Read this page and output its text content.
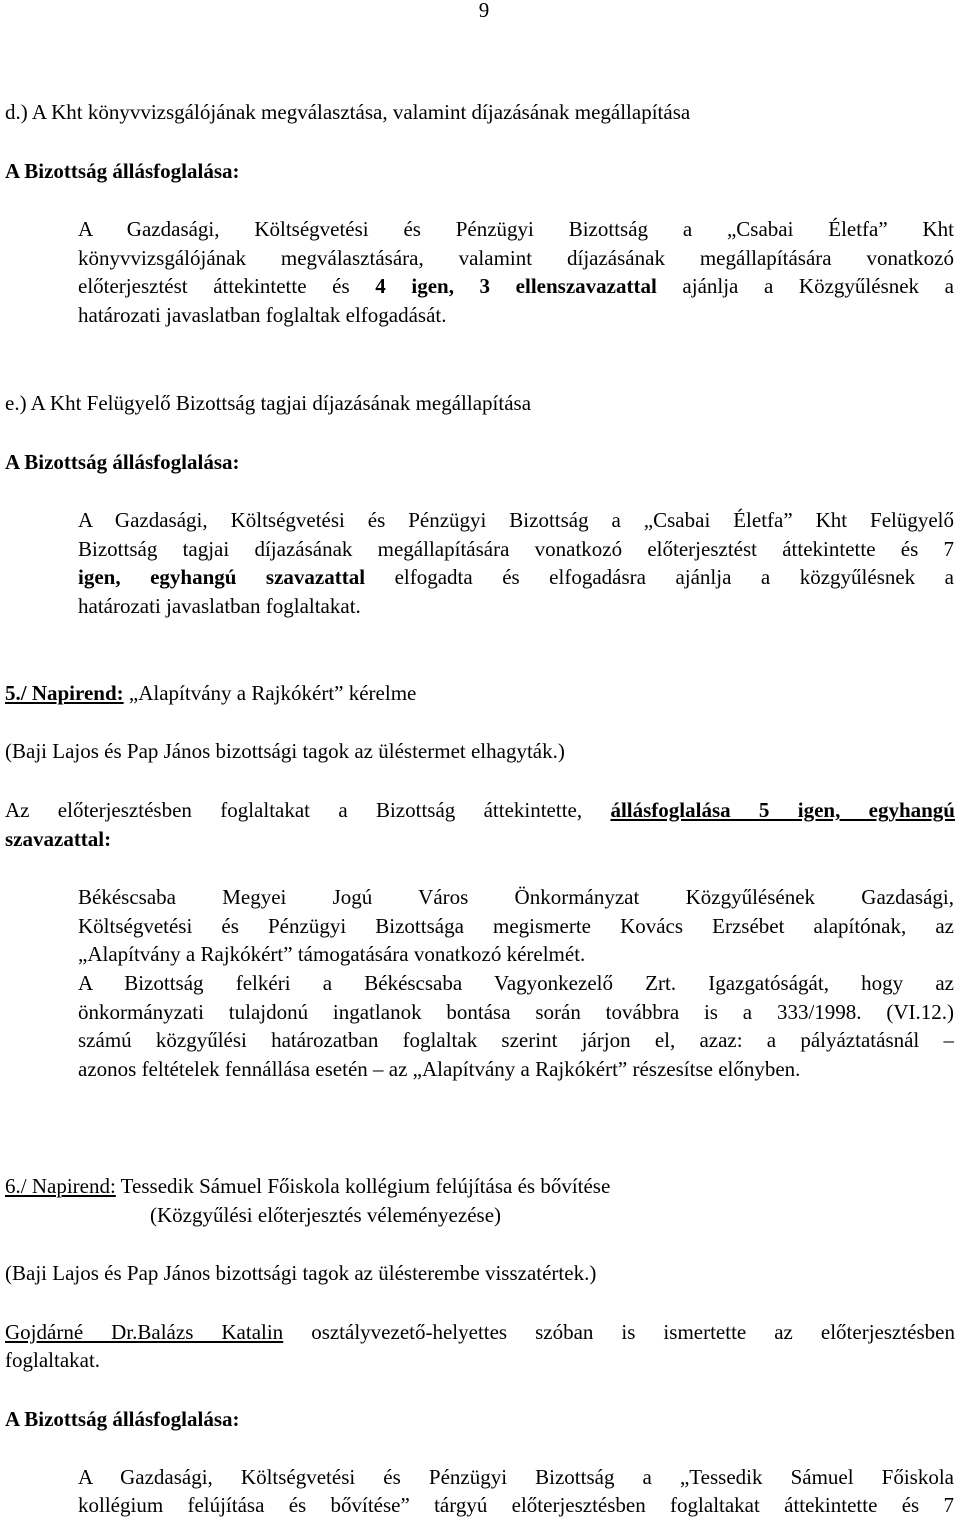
9
d.) A Kht könyvvizsgálójának megválasztása, valamint díjazásának megállapítása
A Bizottság állásfoglalása:
A Gazdasági, Költségvetési és Pénzügyi Bizottság a „Csabai Életfa” Kht
könyvvizsgálójának megválasztására, valamint díjazásának megállapítására vonatkozó
előterjesztést áttekintette és 4 igen, 3 ellenszavazattal ajánlja a Közgyűlésnek a
határozati javaslatban foglaltak elfogadását.
e.) A Kht Felügyelő Bizottság tagjai díjazásának megállapítása
A Bizottság állásfoglalása:
A Gazdasági, Költségvetési és Pénzügyi Bizottság a „Csabai Életfa” Kht Felügyelő
Bizottság tagjai díjazásának megállapítására vonatkozó előterjesztést áttekintette és 7
igen, egyhangú szavazattal elfogadta és elfogadásra ajánlja a közgyűlésnek a
határozati javaslatban foglaltakat.
5./ Napirend: „Alapítvány a Rajkókért” kérelme
(Baji Lajos és Pap János bizottsági tagok az üléstermet elhagyták.)
Az előterjesztésben foglaltakat a Bizottság áttekintette, állásfoglalása 5 igen, egyhangú
szavazattal:
Békéscsaba Megyei Jogú Város Önkormányzat Közgyűlésének Gazdasági,
Költségvetési és Pénzügyi Bizottsága megismerte Kovács Erzsébet alapítónak, az
„Alapítvány a Rajkókért” támogatására vonatkozó kérelmét.
A Bizottság felkéri a Békéscsaba Vagyonkezelő Zrt. Igazgatóságát, hogy az
önkormányzati tulajdonú ingatlanok bontása során továbbra is a 333/1998. (VI.12.)
számú közgyűlési határozatban foglaltak szerint járjon el, azaz: a pályáztatásnál –
azonos feltételek fennállása esetén – az „Alapítvány a Rajkókért” részesítse előnyben.
6./ Napirend: Tessedik Sámuel Főiskola kollégium felújítása és bővítése
(Közgyűlési előterjesztés véleményezése)
(Baji Lajos és Pap János bizottsági tagok az ülésterembe visszatértek.)
Gojdárné Dr.Balázs Katalin osztályvezető-helyettes szóban is ismertette az előterjesztésben
foglaltakat.
A Bizottság állásfoglalása:
A Gazdasági, Költségvetési és Pénzügyi Bizottság a „Tessedik Sámuel Főiskola
kollégium felújítása és bővítése” tárgyú előterjesztésben foglaltakat áttekintette és 7
